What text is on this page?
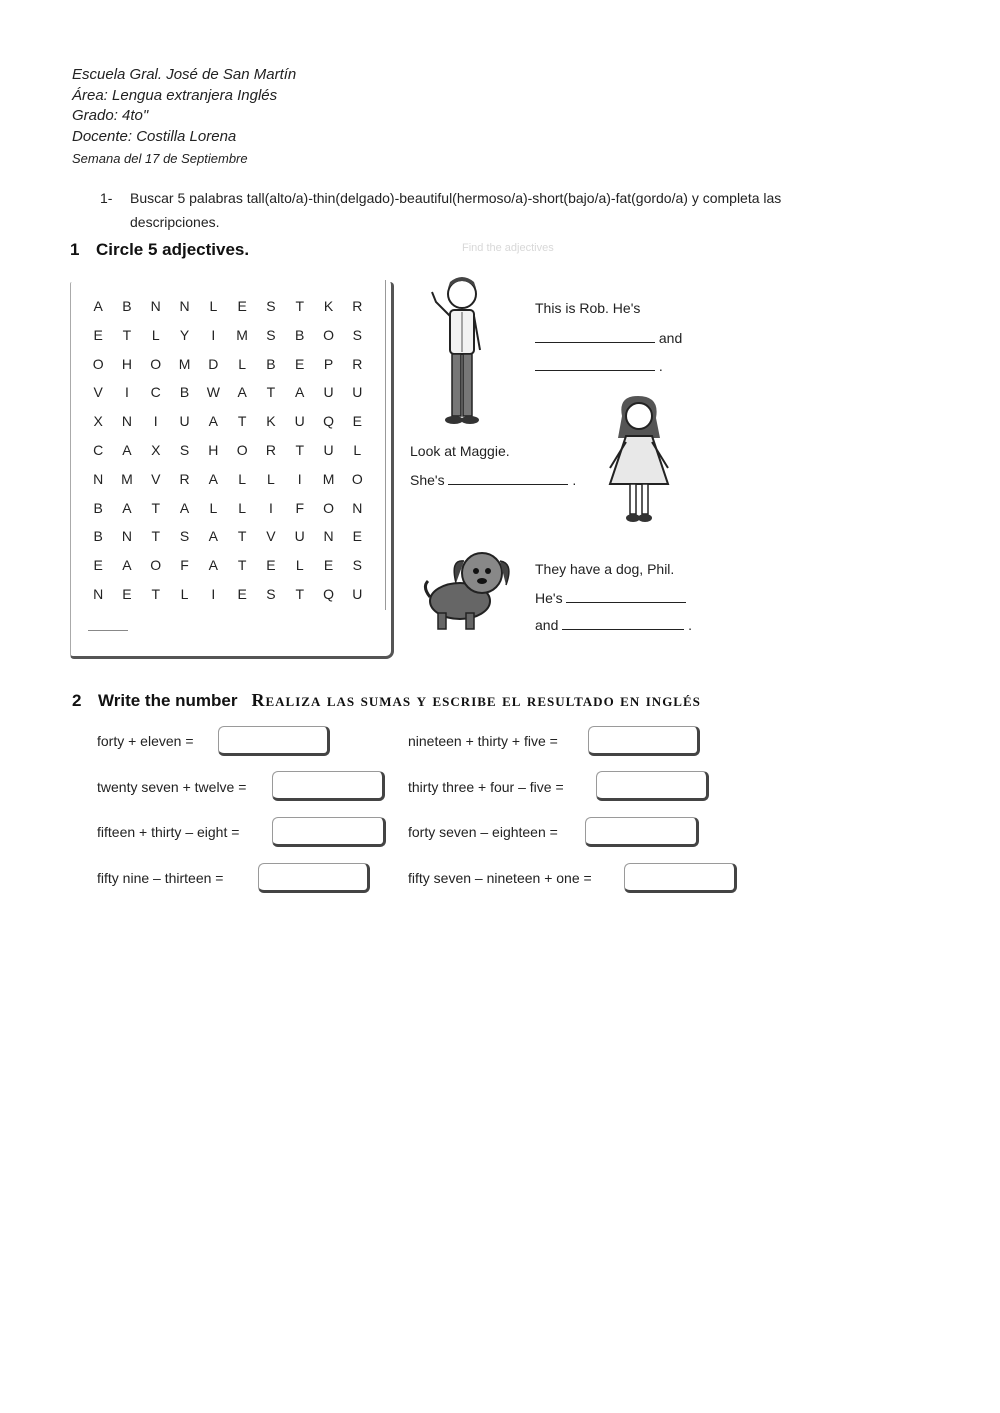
Escuela Gral. José de San Martín
Área: Lengua extranjera Inglés
Grado: 4to"
Docente: Costilla Lorena
Semana del 17 de Septiembre
1- Buscar 5 palabras tall(alto/a)-thin(delgado)-beautiful(hermoso/a)-short(bajo/a)-fat(gordo/a) y completa las
descripciones.
1 Circle 5 adjectives.	Find the adjectives
A	B	N	N	L	E	S	T	K	R
E	T	L	Y	I	M	S	B	O	S
O	H	O	M	D	L	B	E	P	R
V	I	C	B	W	A	T	A	U	U
X	N	I	U	A	T	K	U	Q	E
C	A	X	S	H	O	R	T	U	L
N	M	V	R	A	L	L	I	M	O
B	A	T	A	L	L	I	F	O	N
B	N	T	S	A	T	V	U	N	E
E	A	O	F	A	T	E	L	E	S
N	E	T	L	I	E	S	T	Q	U
This is Rob. He's
and
.
Look at Maggie.
She's	.
They have a dog, Phil.
He's
and	.
2 Write the number Realiza las sumas y escribe el resultado en inglés
forty + eleven =
twenty seven + twelve =
fifteen + thirty – eight =
fifty nine – thirteen =
nineteen + thirty + five =
thirty three + four – five =
forty seven – eighteen =
fifty seven – nineteen + one =
